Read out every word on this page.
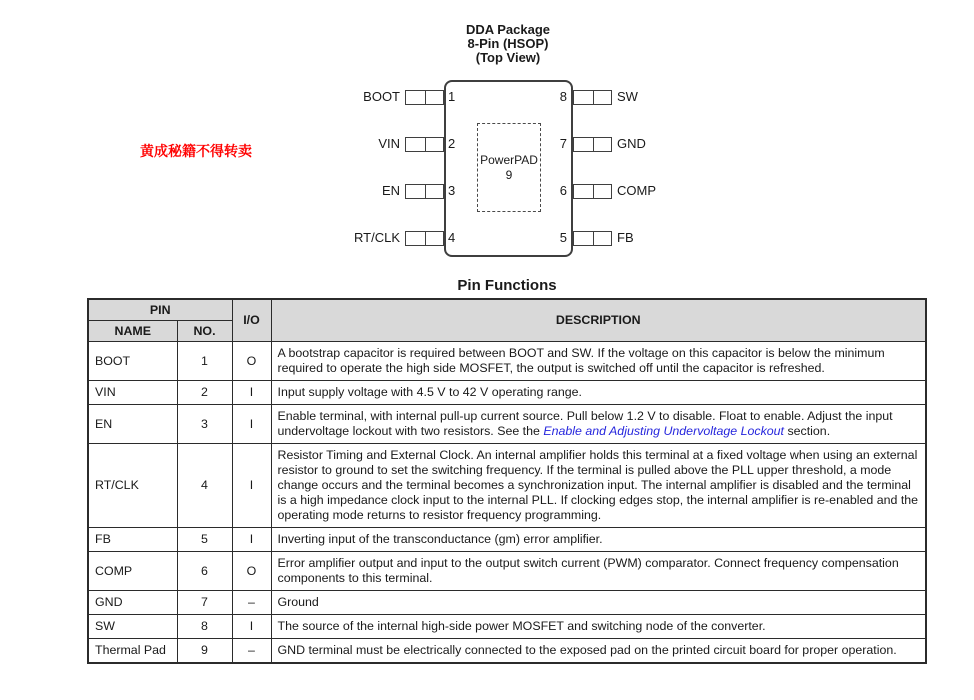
DDA Package
8-Pin (HSOP)
(Top View)
PowerPAD
9
BOOT
VIN
EN
RT/CLK
1
2
3
4
8
7
6
5
SW
GND
COMP
FB
黄成秘籍不得转卖
Pin Functions
PIN		I/O	DESCRIPTION
NAME	NO.		
BOOT	1	O	A bootstrap capacitor is required between BOOT and SW. If the voltage on this capacitor is below the minimum required to operate the high side MOSFET, the output is switched off until the capacitor is refreshed.
VIN	2	I	Input supply voltage with 4.5 V to 42 V operating range.
EN	3	I	Enable terminal, with internal pull-up current source. Pull below 1.2 V to disable. Float to enable. Adjust the input undervoltage lockout with two resistors. See the Enable and Adjusting Undervoltage Lockout section.
RT/CLK	4	I	Resistor Timing and External Clock. An internal amplifier holds this terminal at a fixed voltage when using an external resistor to ground to set the switching frequency. If the terminal is pulled above the PLL upper threshold, a mode change occurs and the terminal becomes a synchronization input. The internal amplifier is disabled and the terminal is a high impedance clock input to the internal PLL. If clocking edges stop, the internal amplifier is re-enabled and the operating mode returns to resistor frequency programming.
FB	5	I	Inverting input of the transconductance (gm) error amplifier.
COMP	6	O	Error amplifier output and input to the output switch current (PWM) comparator. Connect frequency compensation components to this terminal.
GND	7	–	Ground
SW	8	I	The source of the internal high-side power MOSFET and switching node of the converter.
Thermal Pad	9	–	GND terminal must be electrically connected to the exposed pad on the printed circuit board for proper operation.
